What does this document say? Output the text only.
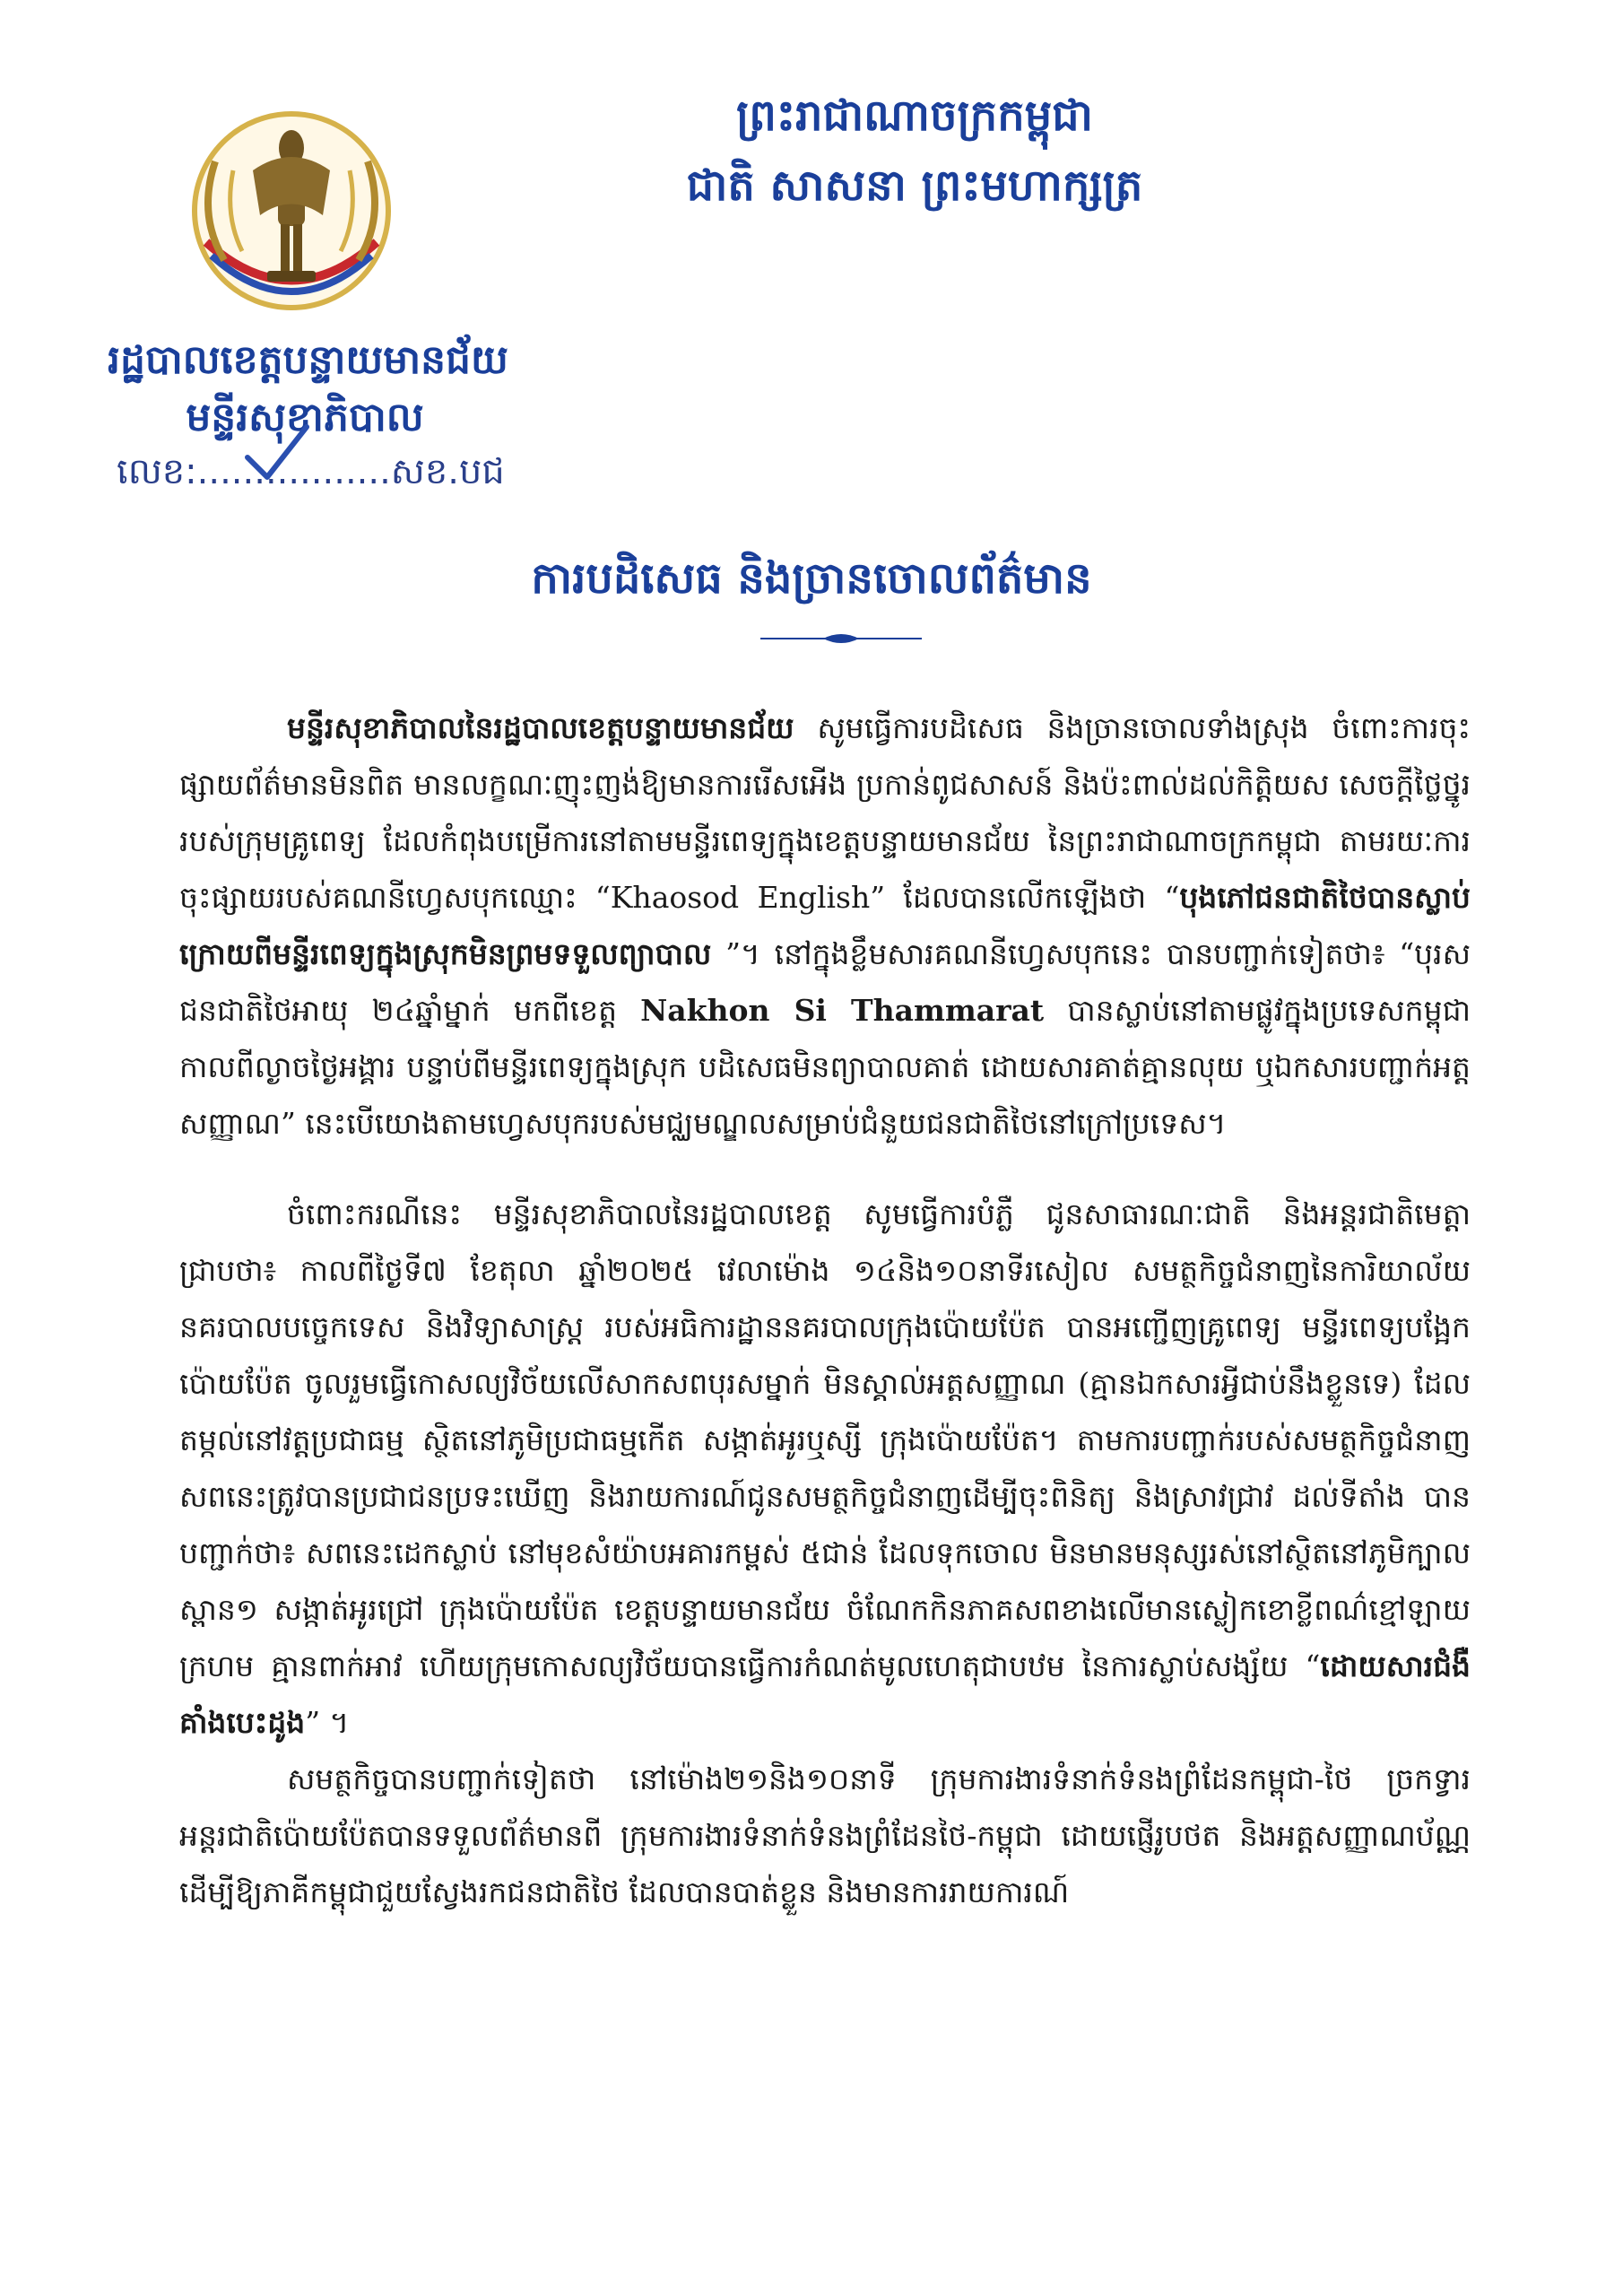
រដ្ឋបាលខេត្តបន្ទាយមានជ័យ
មន្ទីរសុខាភិបាល
លេខ:.................សខ.បជ
ព្រះរាជាណាចក្រកម្ពុជា
ជាតិ សាសនា ព្រះមហាក្សត្រ
ការបដិសេធ និងច្រានចោលព័ត៌មាន

មន្ទីរសុខាភិបាលនៃរដ្ឋបាលខេត្តបន្ទាយមានជ័យ សូមធ្វើការបដិសេធ និងច្រានចោលទាំងស្រុង ចំពោះការចុះផ្សាយព័ត៌មានមិនពិត មានលក្ខណៈញុះញង់ឱ្យមានការរើសអើង ប្រកាន់ពូជសាសន៍ និងប៉ះពាល់ដល់កិត្តិយស សេចក្តីថ្លៃថ្នូររបស់ក្រុមគ្រូពេទ្យ ដែលកំពុងបម្រើការនៅតាមមន្ទីរពេទ្យក្នុងខេត្តបន្ទាយមានជ័យ នៃព្រះរាជាណាចក្រកម្ពុជា តាមរយៈការចុះផ្សាយរបស់គណនីហ្វេសបុកឈ្មោះ “Khaosod English” ដែលបានលើកឡើងថា “បុងភៅជនជាតិថៃបានស្លាប់ ក្រោយពីមន្ទីរពេទ្យក្នុងស្រុកមិនព្រមទទួលព្យាបាល ”។ នៅក្នុងខ្លឹមសារគណនីហ្វេសបុកនេះ បានបញ្ជាក់ទៀតថា៖ “បុរសជនជាតិថៃអាយុ ២៤ឆ្នាំម្នាក់ មកពីខេត្ត Nakhon Si Thammarat បានស្លាប់នៅតាមផ្លូវក្នុងប្រទេសកម្ពុជា កាលពីល្ងាចថ្ងៃអង្គារ បន្ទាប់ពីមន្ទីរពេទ្យក្នុងស្រុក បដិសេធមិនព្យាបាលគាត់ ដោយសារគាត់គ្មានលុយ ឬឯកសារបញ្ជាក់អត្តសញ្ញាណ” នេះបើយោងតាមហ្វេសបុករបស់មជ្ឈមណ្ឌលសម្រាប់ជំនួយជនជាតិថៃនៅក្រៅប្រទេស។

ចំពោះករណីនេះ មន្ទីរសុខាភិបាលនៃរដ្ឋបាលខេត្ត សូមធ្វើការបំភ្លឺ ជូនសាធារណៈជាតិ និងអន្តរជាតិមេត្តាជ្រាបថា៖ កាលពីថ្ងៃទី៧ ខែតុលា ឆ្នាំ២០២៥ វេលាម៉ោង ១៤និង១០នាទីរសៀល សមត្ថកិច្ចជំនាញនៃការិយាល័យនគរបាលបច្ចេកទេស និងវិទ្យាសាស្ត្រ របស់អធិការដ្ឋាននគរបាលក្រុងប៉ោយប៉ែត បានអញ្ជើញគ្រូពេទ្យ មន្ទីរពេទ្យបង្អែកប៉ោយប៉ែត ចូលរួមធ្វើកោសល្យវិច័យលើសាកសពបុរសម្នាក់ មិនស្គាល់អត្តសញ្ញាណ (គ្មានឯកសារអ្វីជាប់នឹងខ្លួនទេ) ដែលតម្កល់នៅវត្តប្រជាធម្ម ស្ថិតនៅភូមិប្រជាធម្មកើត សង្កាត់អូរឬស្សី ក្រុងប៉ោយប៉ែត។ តាមការបញ្ជាក់របស់សមត្ថកិច្ចជំនាញ សពនេះត្រូវបានប្រជាជនប្រទះឃើញ និងរាយការណ៍ជូនសមត្ថកិច្ចជំនាញដើម្បីចុះពិនិត្យ និងស្រាវជ្រាវ ដល់ទីតាំង បានបញ្ជាក់ថា៖ សពនេះដេកស្លាប់ នៅមុខសំយ៉ាបអគារកម្ពស់ ៥ជាន់ ដែលទុកចោល មិនមានមនុស្សរស់នៅស្ថិតនៅភូមិក្បាលស្ពាន១ សង្កាត់អូរជ្រៅ ក្រុងប៉ោយប៉ែត ខេត្តបន្ទាយមានជ័យ ចំណែកកិនភាគសពខាងលើមានស្លៀកខោខ្លីពណ៌ខ្មៅឡាយក្រហម គ្មានពាក់អាវ ហើយក្រុមកោសល្យវិច័យបានធ្វើការកំណត់មូលហេតុជាបឋម នៃការស្លាប់សង្ស័យ “ដោយសារជំងឺគាំងបេះដូង” ។

សមត្ថកិច្ចបានបញ្ជាក់ទៀតថា នៅម៉ោង២១និង១០នាទី ក្រុមការងារទំនាក់ទំនងព្រំដែនកម្ពុជា-ថៃ ច្រកទ្វារអន្តរជាតិប៉ោយប៉ែតបានទទួលព័ត៌មានពី ក្រុមការងារទំនាក់ទំនងព្រំដែនថៃ-កម្ពុជា ដោយផ្ញើរូបថត និងអត្តសញ្ញាណប័ណ្ណ ដើម្បីឱ្យភាគីកម្ពុជាជួយស្វែងរកជនជាតិថៃ ដែលបានបាត់ខ្លួន និងមានការរាយការណ៍
